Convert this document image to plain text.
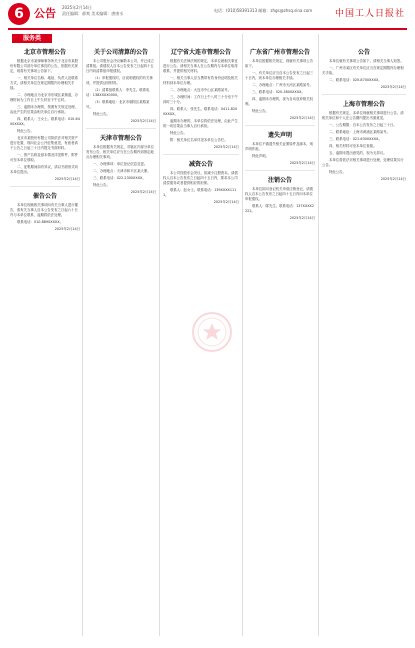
6 公告 2025年2月14日
责任编辑：郝爽 美术编辑：唐康水
电话：(010)58391313 邮箱：zhgs@zhsq.sina.com	中国工人日报社
服务类
北京市管理公告

根据北京市某律师事务所关于北京市某股份有限公司部分单位事宜的公告，依据有关规定，现将有关事项公告如下。

一、相关单位名称、地址、负责人及联系方式，请相关单位在规定期限内办理相关手续。

二、办理地点为北京市东城区某街道，办理时间为工作日上午九时至下午五时。

三、逾期未办理的，按照有关规定处理，由此产生的后果由相关单位自行承担。

四、联系人：王女士。联系电话：010-6400XXXX。

特此公告。

北京市某股份有限公司拟依法对相关资产进行处置，现向社会公开征集意见，有意者请于公告之日起三十日内提交书面材料。

一、资产名称及基本情况详见附件，附件可至本单位领取。

二、征集期间如有异议，请以书面形式向本单位提出。

2025年2月14日
催告公告

本单位现就相关事项向有关当事人进行催告，请有关当事人自本公告发布之日起六十日内与本单位联系，逾期将依法处理。

联系电话：010-8890XXXX。

2025年2月14日
关于公司清算的公告

本公司股东会决议解散本公司，并已成立清算组。请债权人自本公告发布之日起四十五日内向清算组申报债权。

（1）申报债权时，应说明债权的有关事项，并提供证明材料。

（2）清算组联系人：李先生。联系电话：138XXXX0000。

（3）联系地址：北京市朝阳区某路某号。

特此公告。

2025年2月14日
天津市管理公告

本单位根据有关规定，对辖区内部分单位发布公告，相关单位应当在公告期内到指定地点办理相关事项。

一、办理事项：单位登记信息变更。

二、办理地点：天津市和平区某大厦。

三、联系电话：022-2300XXXX。

特此公告。

2025年2月14日
辽宁省大连市管理公告

根据有关法律法规的规定，本单位就相关事宜进行公告。请相关当事人在公告期内与本单位取得联系，并提供相关材料。

一、相关当事人应当携带有效身份证明及相关材料到本单位办理。

二、办理地点：大连市中山区某路某号。

三、办理时间：工作日上午八时三十分至下午四时三十分。

四、联系人：张先生。联系电话：0411-8200XXXX。

逾期未办理的，本单位将依法处理，由此产生的一切后果由当事人自行承担。

特此公告。

附：相关单位名单详见本单位公告栏。

2025年2月14日
减资公告

本公司经股东会决议，拟减少注册资本。请债权人自本公告发布之日起四十五日内，要求本公司清偿债务或者提供相应的担保。

联系人：赵女士。联系电话：139XXXX1111。

2025年2月14日
广东省广州市管理公告

本单位根据相关规定，现就有关事项公告如下。

一、有关单位应当自本公告发布之日起三十日内，到本单位办理相关手续。

二、办理地点：广州市天河区某路某号。

三、联系电话：020-3800XXXX。

四、逾期未办理的，视为自动放弃相关权利。

特此公告。

2025年2月14日
遗失声明

本单位不慎遗失相关证照原件及副本，现声明作废。

特此声明。

2025年2月14日
注销公告

本单位拟向登记机关申请注销登记，请债权人自本公告发布之日起四十五日内向本单位申报债权。

联系人：陈先生。联系电话：137XXXX2222。

2025年2月14日
公告

本单位就有关事项公告如下，请相关当事人知悉。

一、广州市某区有关单位应当在规定期限内办理相关手续。

二、联系电话：020-8700XXXX。

2025年2月14日
上海市管理公告

根据有关规定，本单位现就相关事项进行公告。请相关单位和个人在公告期内提出书面意见。

一、公告期限：自本公告发布之日起三十日。

二、联系地址：上海市黄浦区某路某号。

三、联系电话：021-6300XXXX。

四、相关材料可至本单位查阅。

五、逾期未提出意见的，视为无异议。

本单位将依法对相关事项进行处理，处理结果另行公告。

特此公告。

2025年2月14日
